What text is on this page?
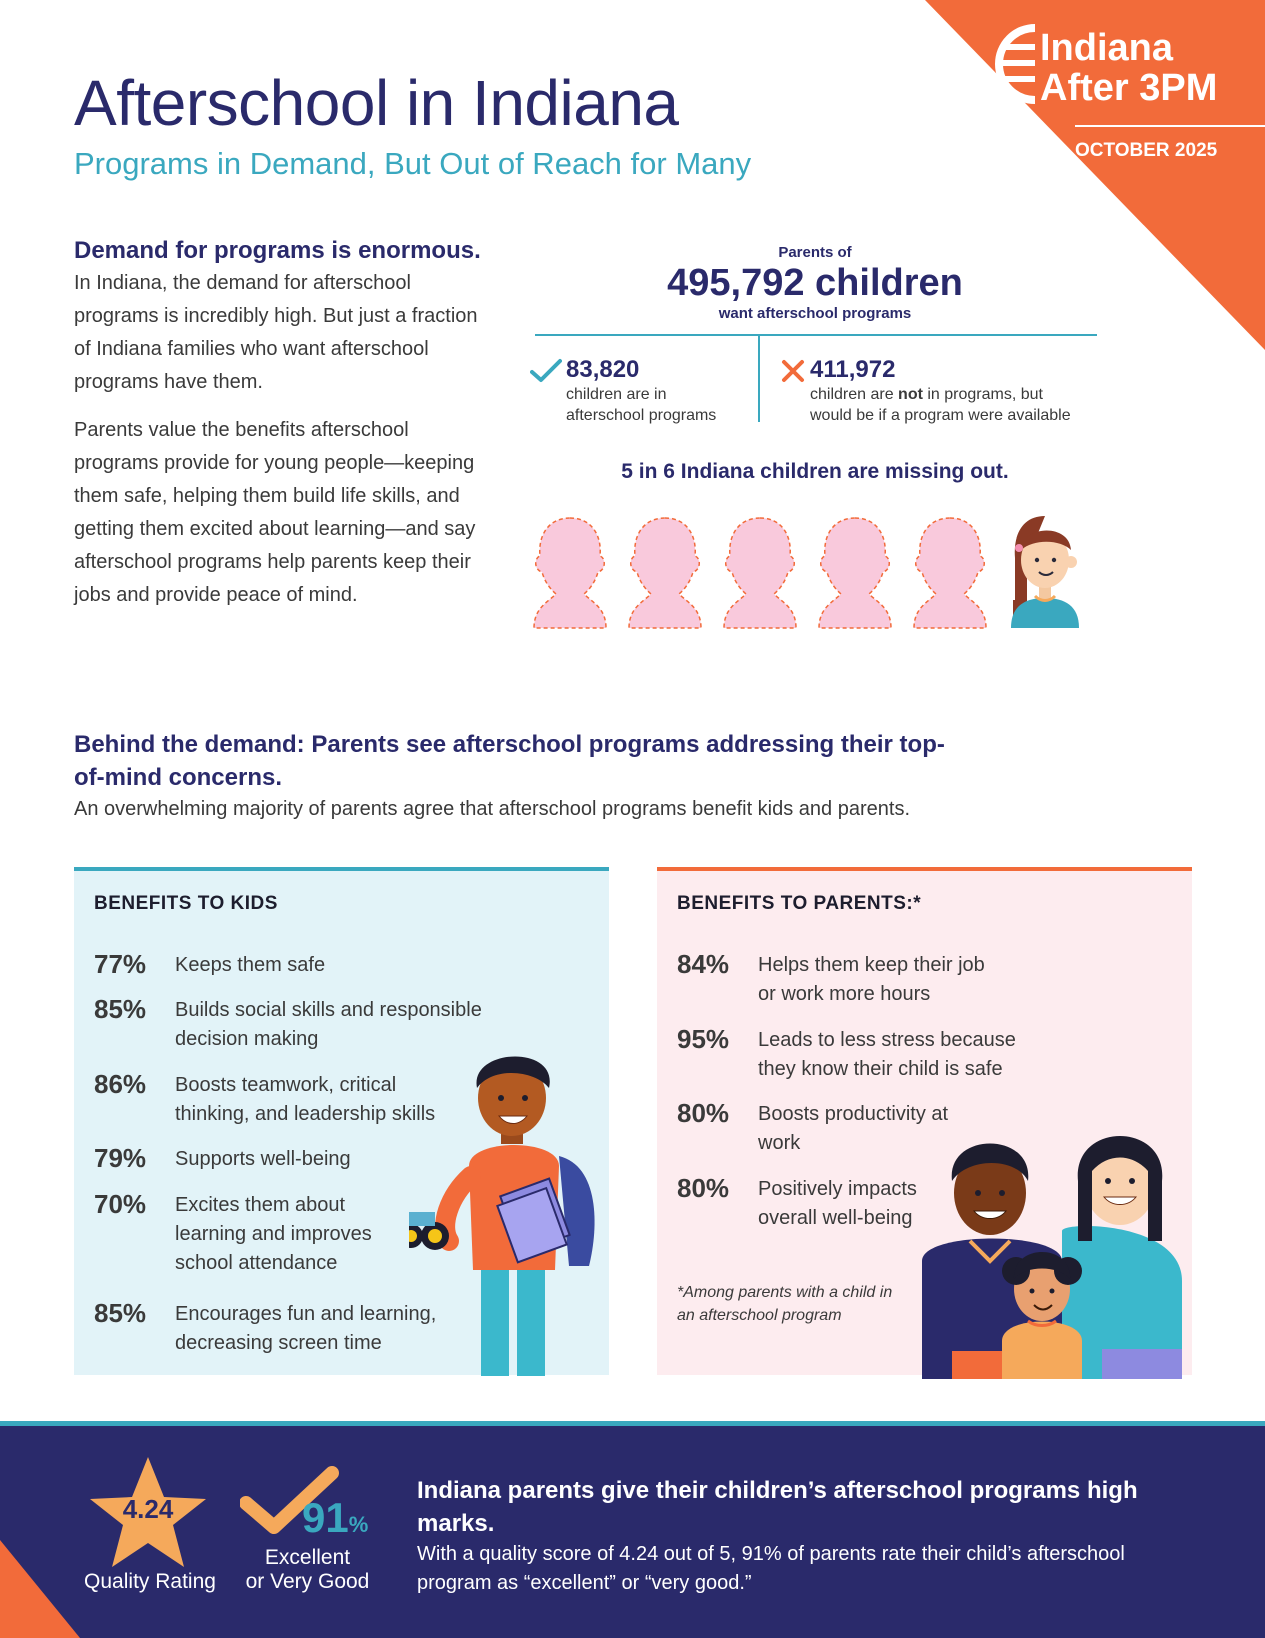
Indiana
After 3PM
OCTOBER 2025
Afterschool in Indiana
Programs in Demand, But Out of Reach for Many
Demand for programs is enormous.

In Indiana, the demand for afterschool programs is incredibly high. But just a fraction of Indiana families who want afterschool programs have them.

Parents value the benefits afterschool programs provide for young people—keeping them safe, helping them build life skills, and getting them excited about learning—and say afterschool programs help parents keep their jobs and provide peace of mind.

Parents of
495,792 children
want afterschool programs
83,820
children are in
afterschool programs
411,972
children are not in programs, but
would be if a program were available
5 in 6 Indiana children are missing out.
Behind the demand: Parents see afterschool programs addressing their top-of-mind concerns.

An overwhelming majority of parents agree that afterschool programs benefit kids and parents.

BENEFITS TO KIDS
77% Keeps them safe
85% Builds social skills and responsible decision making
86% Boosts teamwork, critical thinking, and leadership skills
79% Supports well-being
70% Excites them about learning and improves school attendance
85% Encourages fun and learning, decreasing screen time
BENEFITS TO PARENTS:*
84% Helps them keep their job or work more hours
95% Leads to less stress because they know their child is safe
80% Boosts productivity at work
80% Positively impacts overall well-being
*Among parents with a child in an afterschool program
4.24
Quality Rating
91%
Excellent
or Very Good
Indiana parents give their children’s afterschool programs high marks.

With a quality score of 4.24 out of 5, 91% of parents rate their child’s afterschool program as “excellent” or “very good.”
